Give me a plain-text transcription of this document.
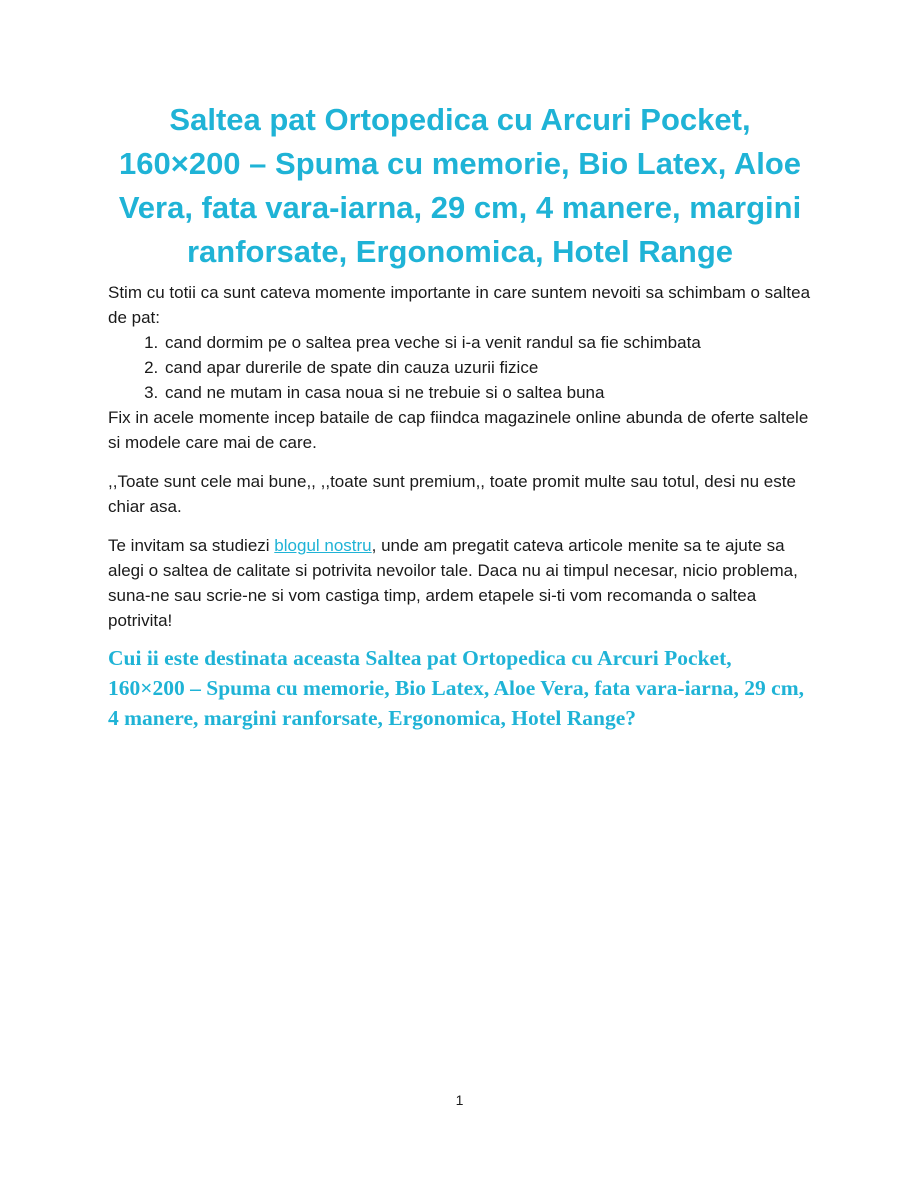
Saltea pat Ortopedica cu Arcuri Pocket, 160×200 – Spuma cu memorie, Bio Latex, Aloe Vera, fata vara-iarna, 29 cm, 4 manere, margini ranforsate, Ergonomica, Hotel Range

Stim cu totii ca sunt cateva momente importante in care suntem nevoiti sa schimbam o saltea de pat:

1. cand dormim pe o saltea prea veche si i-a venit randul sa fie schimbata
2. cand apar durerile de spate din cauza uzurii fizice
3. cand ne mutam in casa noua si ne trebuie si o saltea buna

Fix in acele momente incep bataile de cap fiindca magazinele online abunda de oferte saltele si modele care mai de care.

,,Toate sunt cele mai bune,, ,,toate sunt premium,, toate promit multe sau totul, desi nu este chiar asa.

Te invitam sa studiezi blogul nostru, unde am pregatit cateva articole menite sa te ajute sa alegi o saltea de calitate si potrivita nevoilor tale. Daca nu ai timpul necesar, nicio problema, suna-ne sau scrie-ne si vom castiga timp, ardem etapele si-ti vom recomanda o saltea potrivita!

Cui ii este destinata aceasta Saltea pat Ortopedica cu Arcuri Pocket, 160×200 – Spuma cu memorie, Bio Latex, Aloe Vera, fata vara-iarna, 29 cm, 4 manere, margini ranforsate, Ergonomica, Hotel Range?
1
